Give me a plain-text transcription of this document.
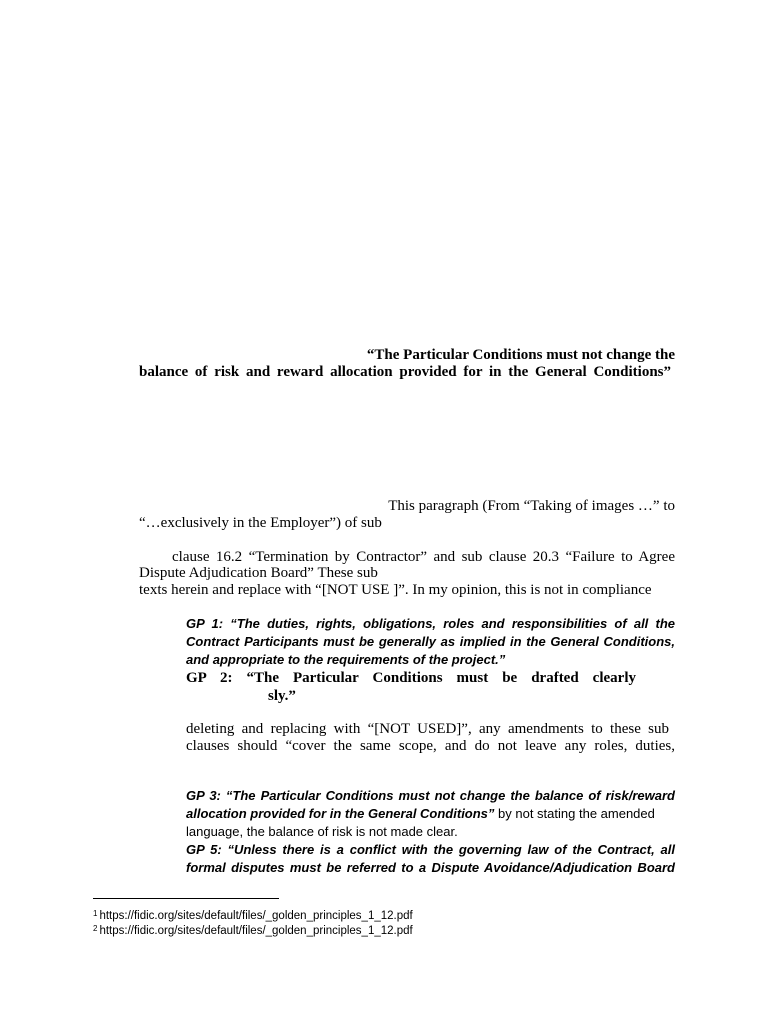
“The Particular Conditions must not change the
balance of risk and reward allocation provided for in the General Conditions”
This paragraph (From “Taking of images …” to
“…exclusively in the Employer”) of sub
clause 16.2 “Termination by Contractor” and sub clause 20.3 “Failure to Agree
Dispute Adjudication Board” These sub
texts herein and replace with “[NOT USE ]”. In my opinion, this is not in compliance
GP 1: “The duties, rights, obligations, roles and responsibilities of all the
Contract Participants must be generally as implied in the General Conditions,
and appropriate to the requirements of the project.”
GP 2: “The Particular Conditions must be drafted clearly
sly.”
deleting and replacing with “[NOT USED]”, any amendments to these sub
clauses should “cover the same scope, and do not leave any roles, duties,
GP 3: “The Particular Conditions must not change the balance of risk/reward
allocation provided for in the General Conditions” by not stating the amended
language, the balance of risk is not made clear.
GP 5: “Unless there is a conflict with the governing law of the Contract, all
formal disputes must be referred to a Dispute Avoidance/Adjudication Board
$^1$ https://fidic.org/sites/default/files/_golden_principles_1_12.pdf
$^2$ https://fidic.org/sites/default/files/_golden_principles_1_12.pdf
